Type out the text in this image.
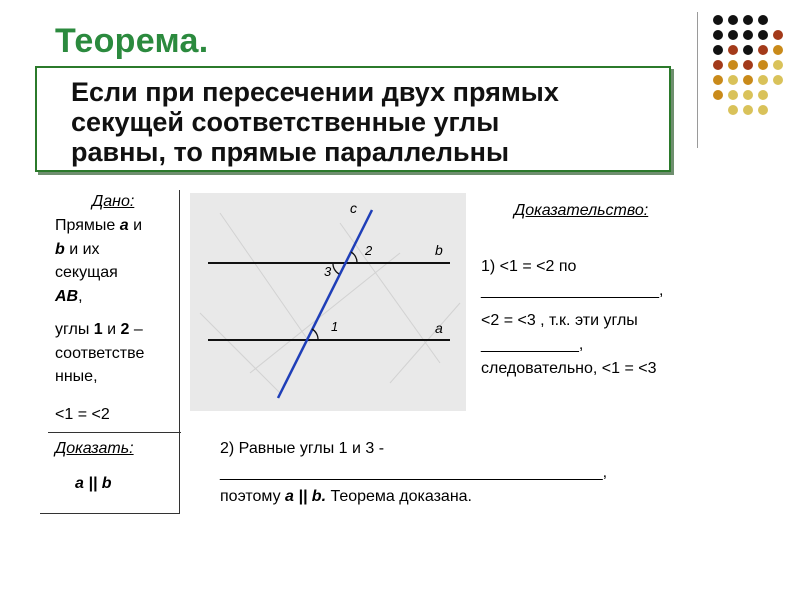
Теорема.
Если при пересечении двух прямых
секущей соответственные углы
равны, то прямые параллельны
Дано:

Прямые a и

b и их

секущая

AB,

углы 1 и 2 –

соответстве

нные,

<1 = <2

Доказать:
a || b
c
b
a
2
3
1
Доказательство:

1) <1 = <2 по

____________________,

<2 = <3 , т.к. эти углы

___________,

следовательно, <1 = <3

2) Равные углы 1 и 3 -

___________________________________________,

поэтому a || b. Теорема доказана.
